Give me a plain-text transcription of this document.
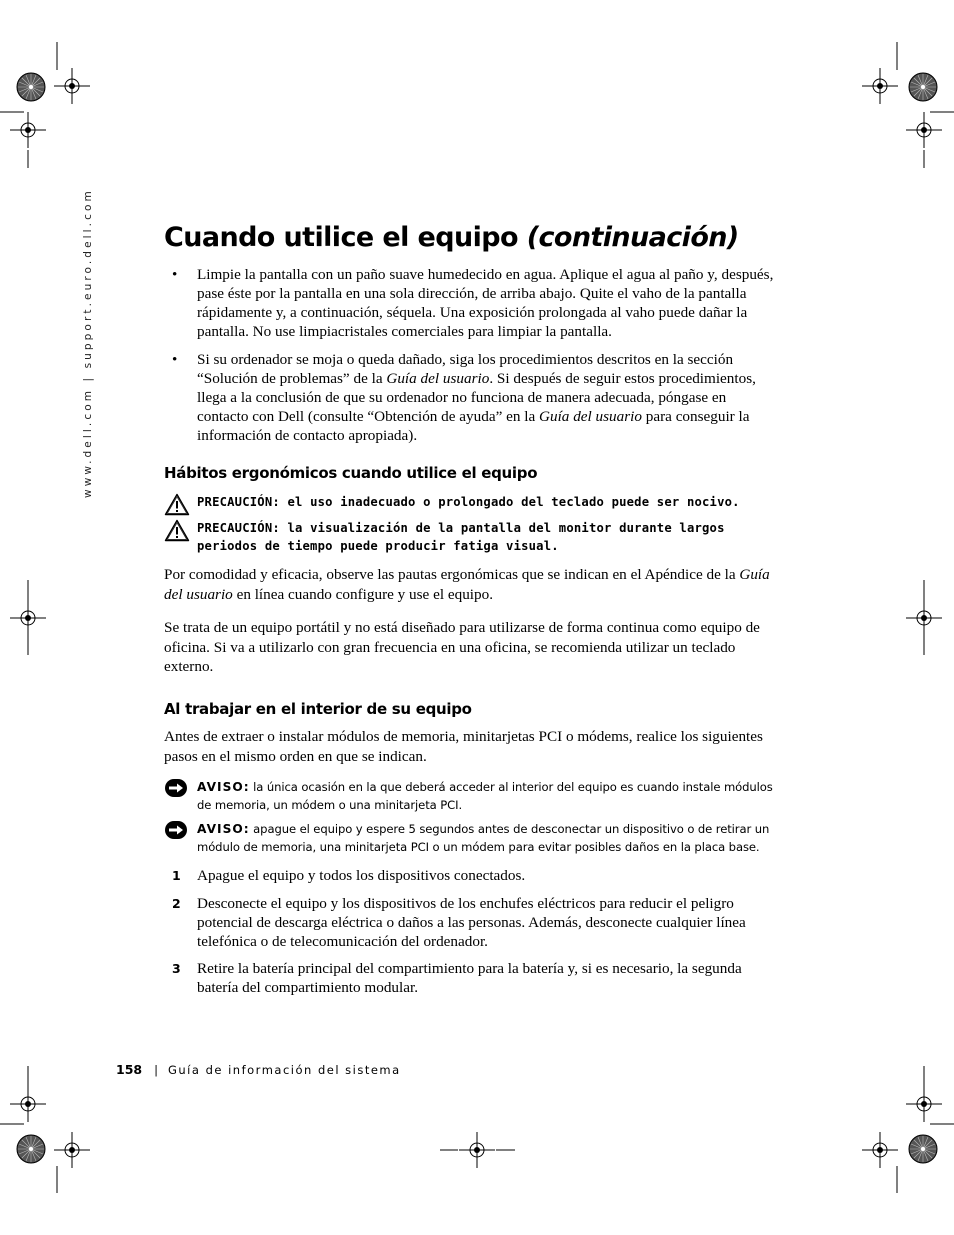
www.dell.com | support.euro.dell.com	Cuando utilice el equipo (continuación)
• Limpie la pantalla con un paño suave humedecido en agua. Aplique el agua al paño y, después, pase éste por la pantalla en una sola dirección, de arriba abajo. Quite el vaho de la pantalla rápidamente y, a continuación, séquela. Una exposición prolongada al vaho puede dañar la pantalla. No use limpiacristales comerciales para limpiar la pantalla.
• Si su ordenador se moja o queda dañado, siga los procedimientos descritos en la sección “Solución de problemas” de la Guía del usuario. Si después de seguir estos procedimientos, llega a la conclusión de que su ordenador no funciona de manera adecuada, póngase en contacto con Dell (consulte “Obtención de ayuda” en la Guía del usuario para conseguir la información de contacto apropiada).
Hábitos ergonómicos cuando utilice el equipo
PRECAUCIÓN: el uso inadecuado o prolongado del teclado puede ser nocivo.
PRECAUCIÓN: la visualización de la pantalla del monitor durante largos periodos de tiempo puede producir fatiga visual.

Por comodidad y eficacia, observe las pautas ergonómicas que se indican en el Apéndice de la Guía del usuario en línea cuando configure y use el equipo.

Se trata de un equipo portátil y no está diseñado para utilizarse de forma continua como equipo de oficina. Si va a utilizarlo con gran frecuencia en una oficina, se recomienda utilizar un teclado externo.

Al trabajar en el interior de su equipo

Antes de extraer o instalar módulos de memoria, minitarjetas PCI o módems, realice los siguientes pasos en el mismo orden en que se indican.

AVISO: la única ocasión en la que deberá acceder al interior del equipo es cuando instale módulos de memoria, un módem o una minitarjeta PCI.
AVISO: apague el equipo y espere 5 segundos antes de desconectar un dispositivo o de retirar un módulo de memoria, una minitarjeta PCI o un módem para evitar posibles daños en la placa base.
1 Apague el equipo y todos los dispositivos conectados.
2 Desconecte el equipo y los dispositivos de los enchufes eléctricos para reducir el peligro potencial de descarga eléctrica o daños a las personas. Además, desconecte cualquier línea telefónica o de telecomunicación del ordenador.
3 Retire la batería principal del compartimiento para la batería y, si es necesario, la segunda batería del compartimiento modular.
158 | Guía de información del sistema
